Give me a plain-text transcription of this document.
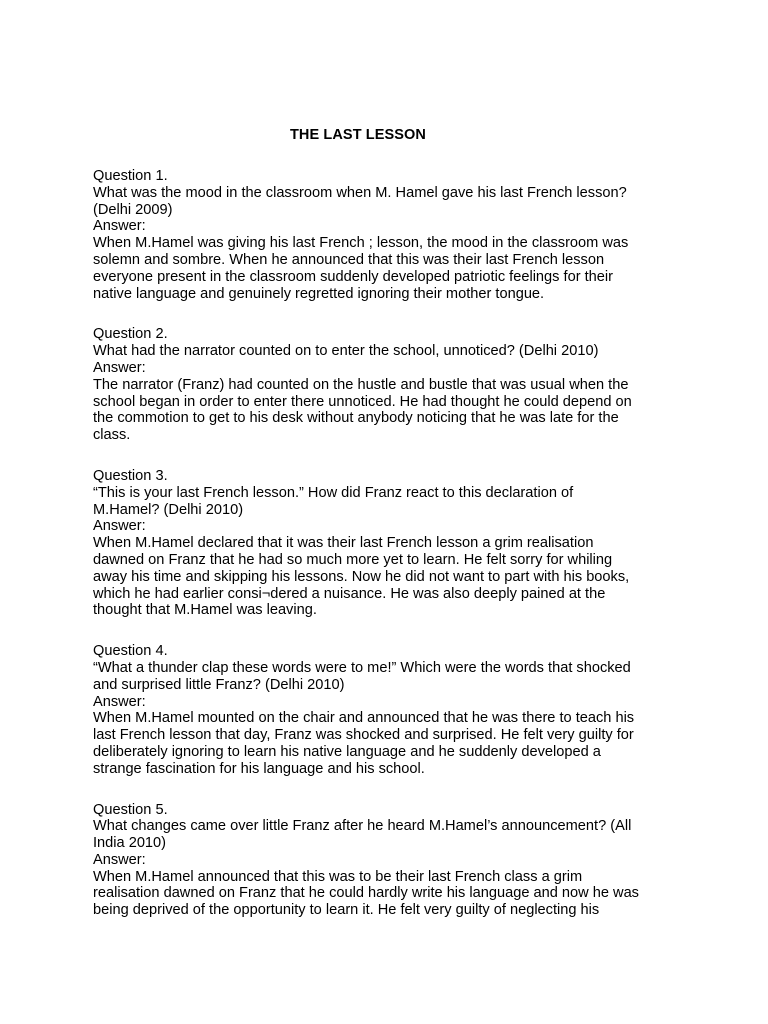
THE LAST LESSON
Question 1.
What was the mood in the classroom when M. Hamel gave his last French lesson?
(Delhi 2009)
Answer:
When M.Hamel was giving his last French ; lesson, the mood in the classroom was
solemn and sombre. When he announced that this was their last French lesson
everyone present in the classroom suddenly developed patriotic feelings for their
native language and genuinely regretted ignoring their mother tongue.
Question 2.
What had the narrator counted on to enter the school, unnoticed? (Delhi 2010)
Answer:
The narrator (Franz) had counted on the hustle and bustle that was usual when the
school began in order to enter there unnoticed. He had thought he could depend on
the commotion to get to his desk without anybody noticing that he was late for the
class.
Question 3.
“This is your last French lesson.” How did Franz react to this declaration of
M.Hamel? (Delhi 2010)
Answer:
When M.Hamel declared that it was their last French lesson a grim realisation
dawned on Franz that he had so much more yet to learn. He felt sorry for whiling
away his time and skipping his lessons. Now he did not want to part with his books,
which he had earlier consi¬dered a nuisance. He was also deeply pained at the
thought that M.Hamel was leaving.
Question 4.
“What a thunder clap these words were to me!” Which were the words that shocked
and surprised little Franz? (Delhi 2010)
Answer:
When M.Hamel mounted on the chair and announced that he was there to teach his
last French lesson that day, Franz was shocked and surprised. He felt very guilty for
deliberately ignoring to learn his native language and he suddenly developed a
strange fascination for his language and his school.
Question 5.
What changes came over little Franz after he heard M.Hamel’s announcement? (All
India 2010)
Answer:
When M.Hamel announced that this was to be their last French class a grim
realisation dawned on Franz that he could hardly write his language and now he was
being deprived of the opportunity to learn it. He felt very guilty of neglecting his
